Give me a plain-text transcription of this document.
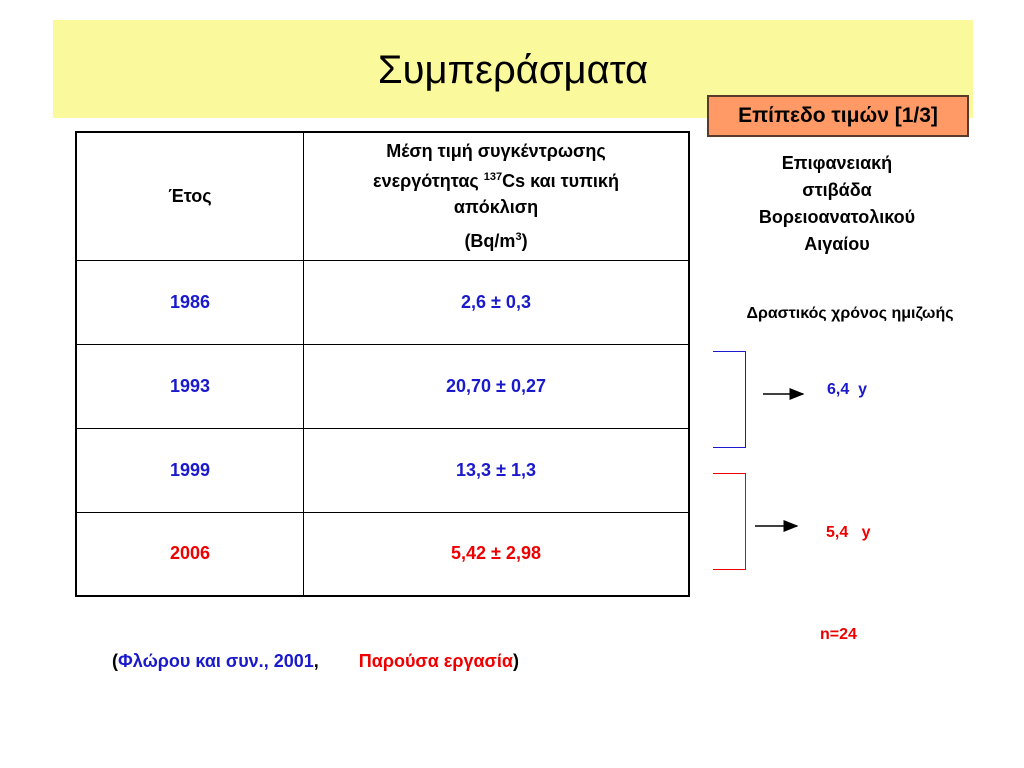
Συμπεράσματα
Επίπεδο τιμών [1/3]
Έτος	Μέση τιμή συγκέντρωσης
ενεργότητας $^{137}$Cs και τυπική
απόκλιση
$(Bq/m^3)$

1986	2,6 ± 0,3
1993	20,70 ± 0,27
1999	13,3 ± 1,3
2006	5,42 ± 2,98
Επιφανειακή
στιβάδα
Βορειοανατολικού
Αιγαίου
Δραστικός χρόνος ημιζωής
6,4  y
5,4   y
n=24
(Φλώρου και συν., 2001,        Παρούσα εργασία)
